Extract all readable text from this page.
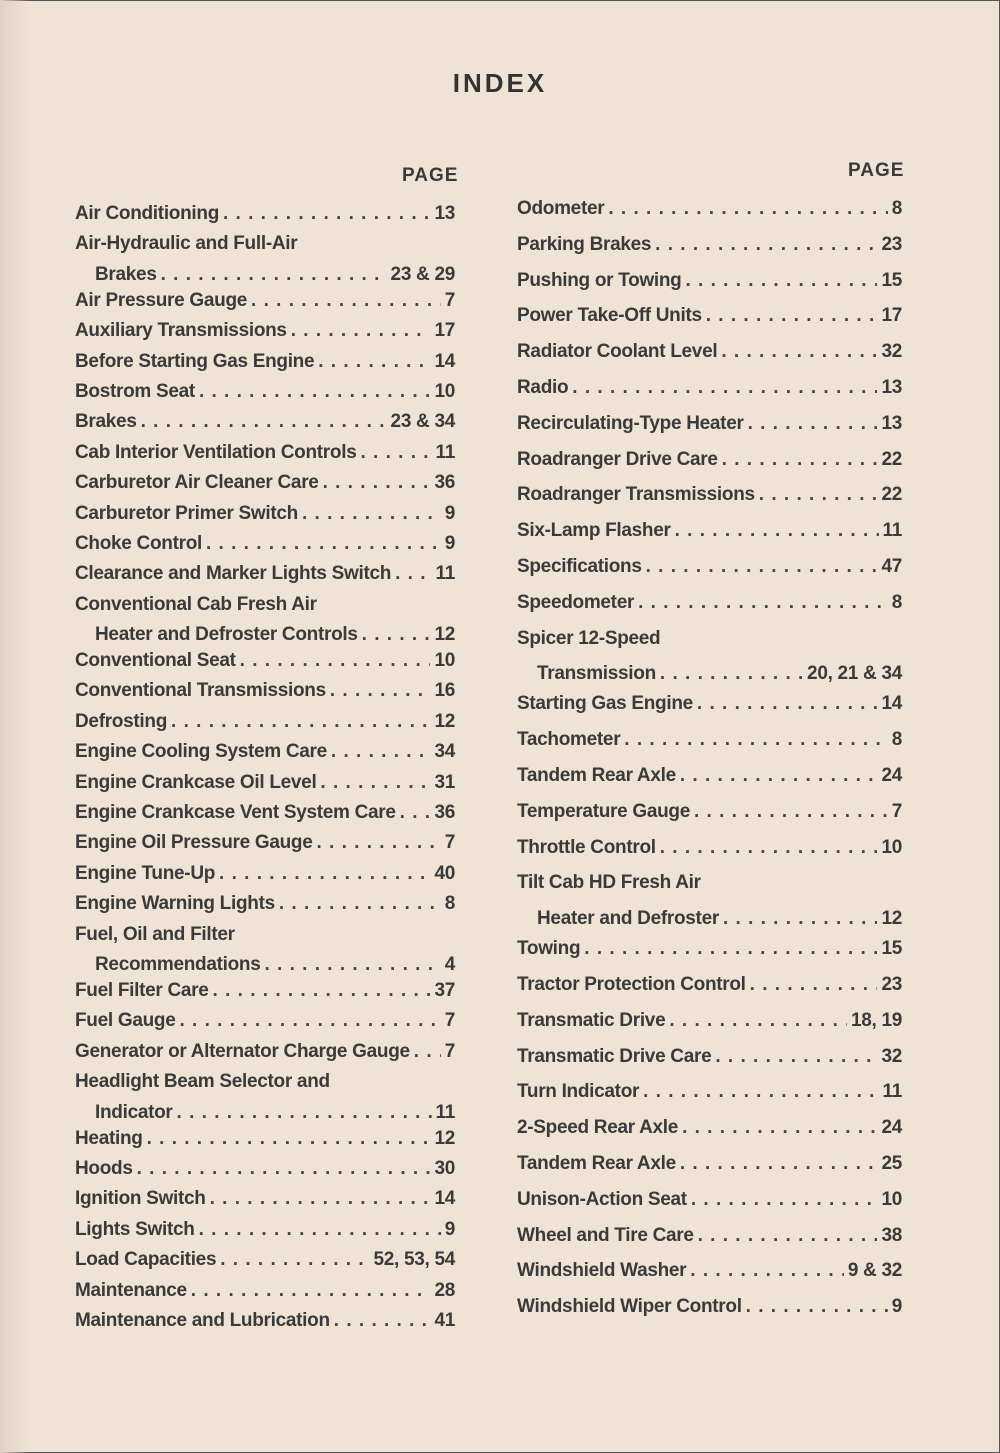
INDEX
PAGE	PAGE
Air Conditioning . . .	13
Air-Hydraulic and Full-Air
Brakes . . .	23 & 29
Air Pressure Gauge . . .	7
Auxiliary Transmissions . . .	17
Before Starting Gas Engine . . .	14
Bostrom Seat . . .	10
Brakes . . .	23 & 34
Cab Interior Ventilation Controls . . .	11
Carburetor Air Cleaner Care . . .	36
Carburetor Primer Switch . . .	9
Choke Control . . .	9
Clearance and Marker Lights Switch . . . 11
Conventional Cab Fresh Air
Heater and Defroster Controls . . .	12
Conventional Seat . . .	10
Conventional Transmissions . . .	16
Defrosting . . .	12
Engine Cooling System Care . . .	34
Engine Crankcase Oil Level . . .	31
Engine Crankcase Vent System Care . . . 36
Engine Oil Pressure Gauge . . .	7
Engine Tune-Up . . .	40
Engine Warning Lights . . .	8
Fuel, Oil and Filter
Recommendations . . .	4
Fuel Filter Care . . .	37
Fuel Gauge . . .	7
Generator or Alternator Charge Gauge . . . 7
Headlight Beam Selector and
Indicator . . .	11
Heating . . .	12
Hoods . . .	30
Ignition Switch . . .	14
Lights Switch . . .	9
Load Capacities . . .	52, 53, 54
Maintenance . . .	28
Maintenance and Lubrication . . .	41
Odometer . . .	8
Parking Brakes . . .	23
Pushing or Towing . . .	15
Power Take-Off Units . . .	17
Radiator Coolant Level . . .	32
Radio . . .	13
Recirculating-Type Heater . . .	13
Roadranger Drive Care . . .	22
Roadranger Transmissions . . .	22
Six-Lamp Flasher . . .	11
Specifications . . .	47
Speedometer . . .	8
Spicer 12-Speed
Transmission . . .	20, 21 & 34
Starting Gas Engine . . .	14
Tachometer . . .	8
Tandem Rear Axle . . .	24
Temperature Gauge . . .	7
Throttle Control . . .	10
Tilt Cab HD Fresh Air
Heater and Defroster . . .	12
Towing . . .	15
Tractor Protection Control . . .	23
Transmatic Drive . . .	18, 19
Transmatic Drive Care . . .	32
Turn Indicator . . .	11
2-Speed Rear Axle . . .	24
Tandem Rear Axle . . .	25
Unison-Action Seat . . .	10
Wheel and Tire Care . . .	38
Windshield Washer . . .	9 & 32
Windshield Wiper Control . . .	9
